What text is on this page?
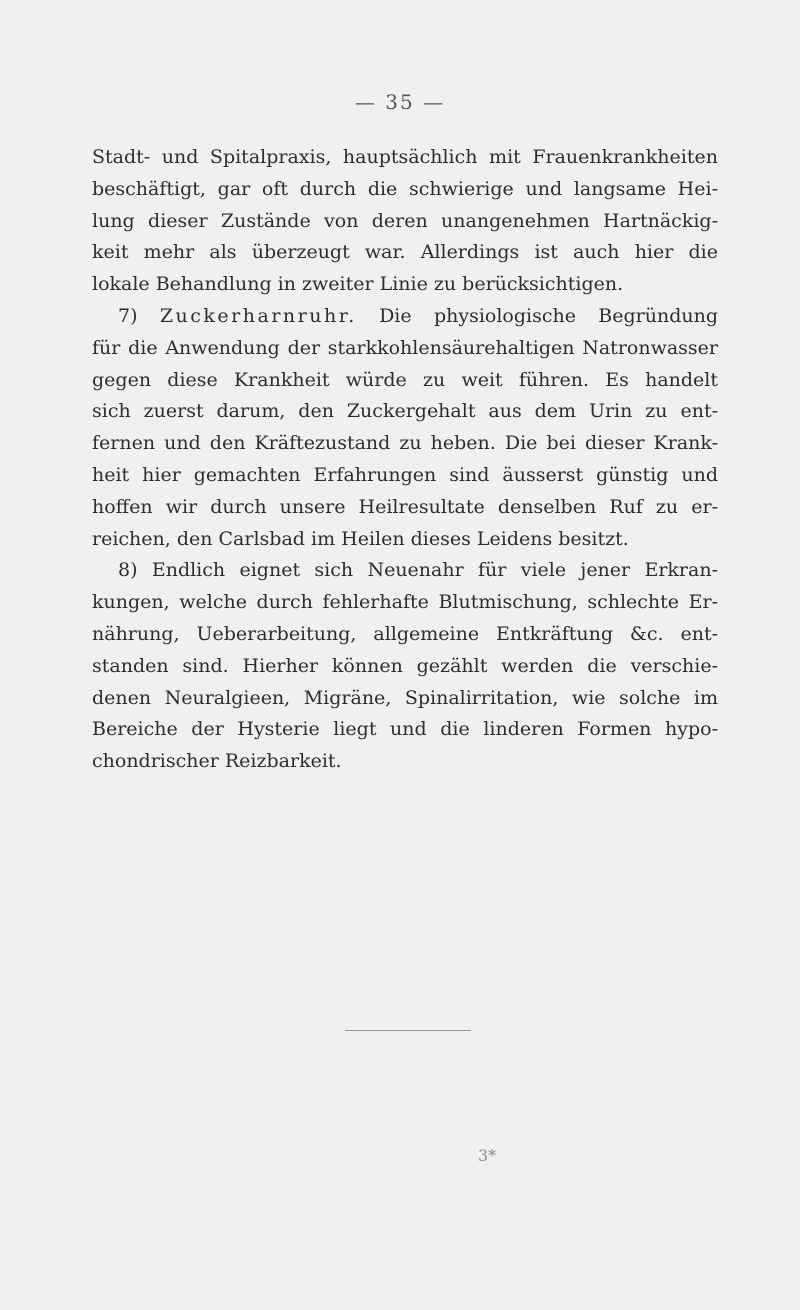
— 35 —
Stadt- und Spitalpraxis, hauptsächlich mit Frauenkrankheiten
beschäftigt, gar oft durch die schwierige und langsame Hei-
lung dieser Zustände von deren unangenehmen Hartnäckig-
keit mehr als überzeugt war. Allerdings ist auch hier die
lokale Behandlung in zweiter Linie zu berücksichtigen.
7) Zuckerharnruhr. Die physiologische Begründung
für die Anwendung der starkkohlensäurehaltigen Natronwasser
gegen diese Krankheit würde zu weit führen. Es handelt
sich zuerst darum, den Zuckergehalt aus dem Urin zu ent-
fernen und den Kräftezustand zu heben. Die bei dieser Krank-
heit hier gemachten Erfahrungen sind äusserst günstig und
hoffen wir durch unsere Heilresultate denselben Ruf zu er-
reichen, den Carlsbad im Heilen dieses Leidens besitzt.
8) Endlich eignet sich Neuenahr für viele jener Erkran-
kungen, welche durch fehlerhafte Blutmischung, schlechte Er-
nährung, Ueberarbeitung, allgemeine Entkräftung &c. ent-
standen sind. Hierher können gezählt werden die verschie-
denen Neuralgieen, Migräne, Spinalirritation, wie solche im
Bereiche der Hysterie liegt und die linderen Formen hypo-
chondrischer Reizbarkeit.
3*
